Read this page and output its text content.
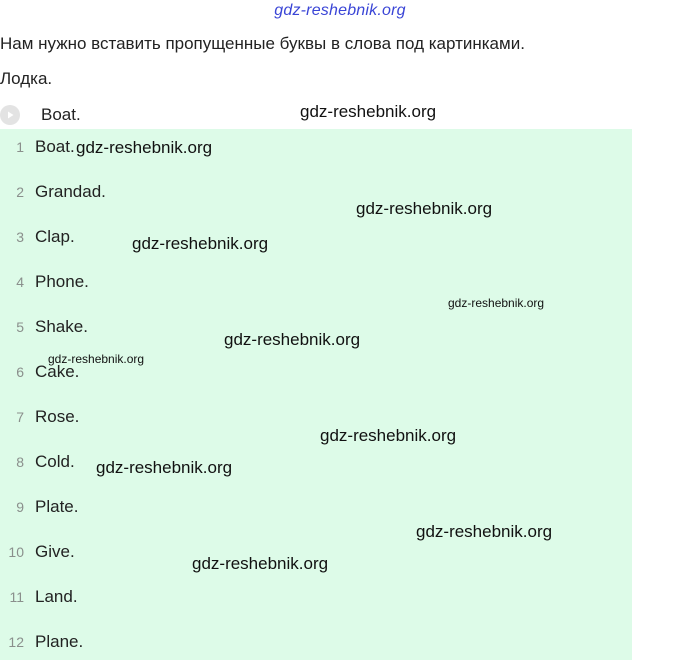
gdz-reshebnik.org
Нам нужно вставить пропущенные буквы в слова под картинками.
Лодка.
Boat.
1 Boat.
2 Grandad.
3 Clap.
4 Phone.
5 Shake.
6 Cake.
7 Rose.
8 Cold.
9 Plate.
10 Give.
11 Land.
12 Plane.
gdz-reshebnik.org
gdz-reshebnik.org
gdz-reshebnik.org
gdz-reshebnik.org
gdz-reshebnik.org
gdz-reshebnik.org
gdz-reshebnik.org
gdz-reshebnik.org
gdz-reshebnik.org
gdz-reshebnik.org
gdz-reshebnik.org
